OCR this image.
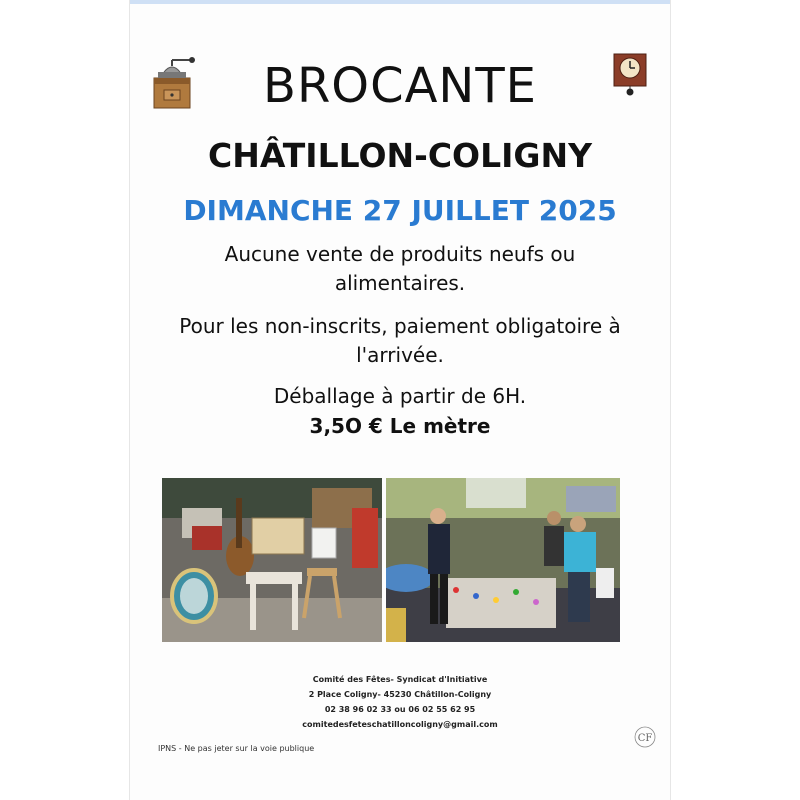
BROCANTE
CHÂTILLON-COLIGNY
DIMANCHE 27 JUILLET 2025
Aucune vente de produits neufs ou
alimentaires.
Pour les non-inscrits, paiement obligatoire à
l'arrivée.
Déballage à partir de 6H.
3,5O € Le mètre
Comité des Fêtes- Syndicat d'Initiative
2 Place Coligny- 45230 Châtillon-Coligny
02 38 96 02 33 ou 06 02 55 62 95
comitedesfeteschatilloncoligny@gmail.com
IPNS - Ne pas jeter sur la voie publique
CF
